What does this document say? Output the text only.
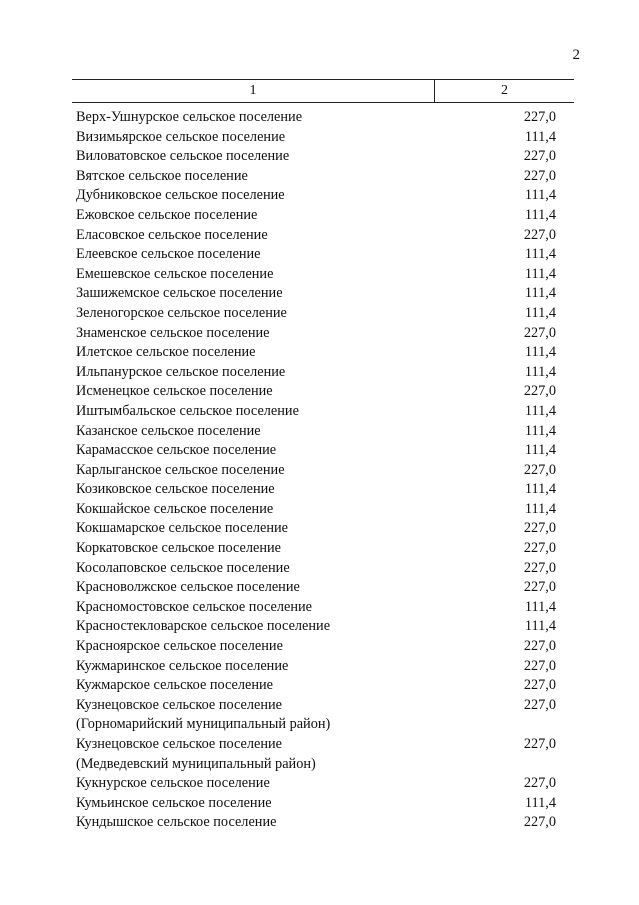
2
1	2
Верх-Ушнурское сельское поселение	227,0
Визимьярское сельское поселение	111,4
Виловатовское сельское поселение	227,0
Вятское сельское поселение	227,0
Дубниковское сельское поселение	111,4
Ежовское сельское поселение	111,4
Еласовское сельское поселение	227,0
Елеевское сельское поселение	111,4
Емешевское сельское поселение	111,4
Зашижемское сельское поселение	111,4
Зеленогорское сельское поселение	111,4
Знаменское сельское поселение	227,0
Илетское сельское поселение	111,4
Ильпанурское сельское поселение	111,4
Исменецкое сельское поселение	227,0
Иштымбальское сельское поселение	111,4
Казанское сельское поселение	111,4
Карамасское сельское поселение	111,4
Карлыганское сельское поселение	227,0
Козиковское сельское поселение	111,4
Кокшайское сельское поселение	111,4
Кокшамарское сельское поселение	227,0
Коркатовское сельское поселение	227,0
Косолаповское сельское поселение	227,0
Красноволжское сельское поселение	227,0
Красномостовское сельское поселение	111,4
Красностекловарское сельское поселение	111,4
Красноярское сельское поселение	227,0
Кужмаринское сельское поселение	227,0
Кужмарское сельское поселение	227,0
Кузнецовское сельское поселение	227,0
(Горномарийский муниципальный район)
Кузнецовское сельское поселение	227,0
(Медведевский муниципальный район)
Кукнурское сельское поселение	227,0
Кумьинское сельское поселение	111,4
Кундышское сельское поселение	227,0
